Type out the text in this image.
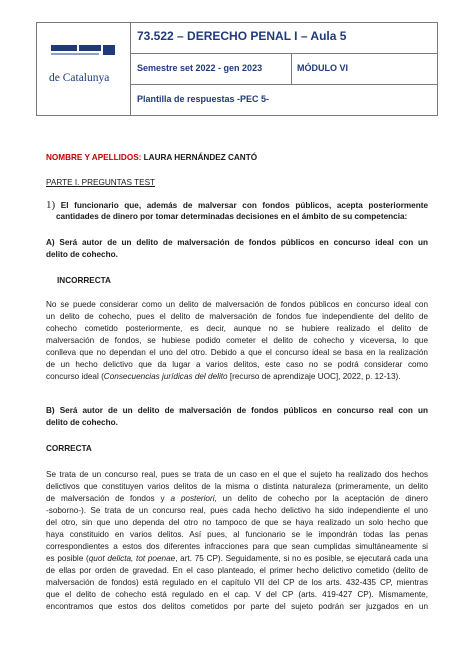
de Catalunya
73.522 – DERECHO PENAL I – Aula 5
Semestre set 2022 - gen 2023	MÓDULO VI
Plantilla de respuestas -PEC 5-
NOMBRE Y APELLIDOS: LAURA HERNÁNDEZ CANTÓ
PARTE I. PREGUNTAS TEST
1) El funcionario que, además de malversar con fondos públicos, acepta posteriormente
cantidades de dinero por tomar determinadas decisiones en el ámbito de su competencia:
A) Será autor de un delito de malversación de fondos públicos en concurso ideal con un
delito de cohecho.
INCORRECTA
No se puede considerar como un delito de malversación de fondos públicos en concurso ideal con
un delito de cohecho, pues el delito de malversación de fondos fue independiente del delito de
cohecho cometido posteriormente, es decir, aunque no se hubiere realizado el delito de
malversación de fondos, se hubiese podido cometer el delito de cohecho y viceversa, lo que
conlleva que no dependan el uno del otro. Debido a que el concurso ideal se basa en la realización
de un hecho delictivo que da lugar a varios delitos, este caso no se podrá considerar como
concurso ideal (Consecuencias jurídicas del delito [recurso de aprendizaje UOC], 2022, p. 12-13).
B) Será autor de un delito de malversación de fondos públicos en concurso real con un
delito de cohecho.
CORRECTA
Se trata de un concurso real, pues se trata de un caso en el que el sujeto ha realizado dos hechos
delictivos que constituyen varios delitos de la misma o distinta naturaleza (primeramente, un delito
de malversación de fondos y a posteriori, un delito de cohecho por la aceptación de dinero
-soborno-). Se trata de un concurso real, pues cada hecho delictivo ha sido independiente el uno
del otro, sin que uno dependa del otro no tampoco de que se haya realizado un solo hecho que
haya constituido en varios delitos. Así pues, al funcionario se le impondrán todas las penas
correspondientes a estos dos diferentes infracciones para que sean cumplidas simultáneamente si
es posible (quot delicta, tot poenae, art. 75 CP). Seguidamente, si no es posible, se ejecutará cada una
de ellas por orden de gravedad. En el caso planteado, el primer hecho delictivo cometido (delito de
malversación de fondos) está regulado en el capítulo VII del CP de los arts. 432-435 CP, mientras
que el delito de cohecho está regulado en el cap. V del CP (arts. 419-427 CP). Mismamente,
encontramos que estos dos delitos cometidos por parte del sujeto podrán ser juzgados en un
